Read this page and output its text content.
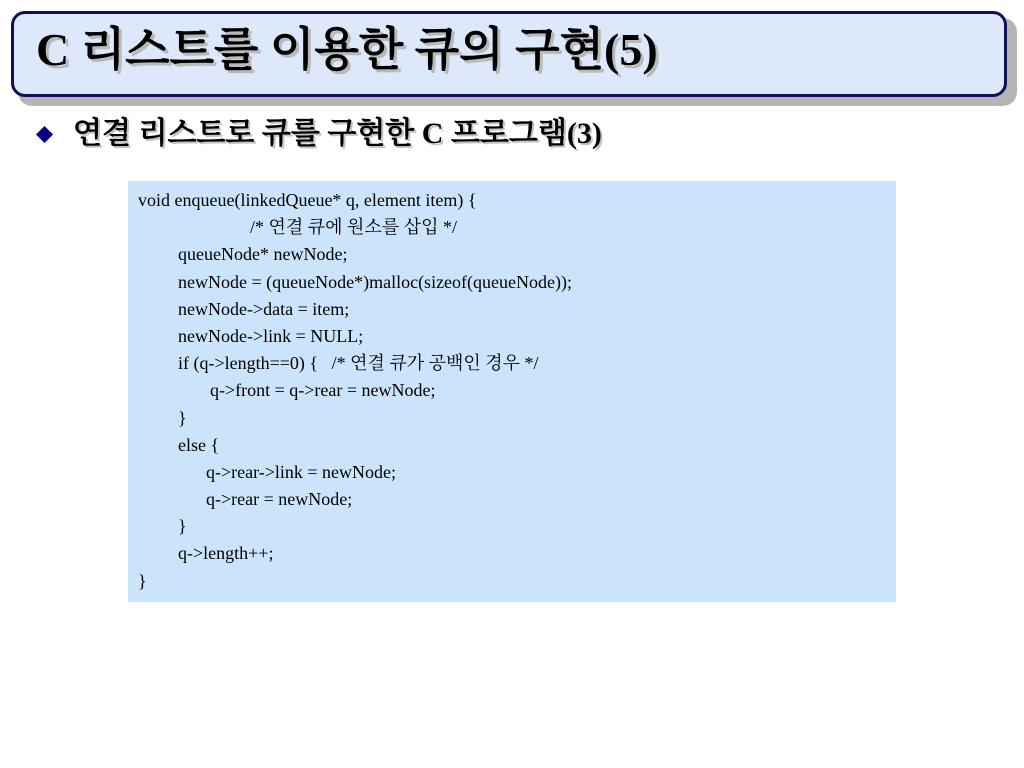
C 리스트를 이용한 큐의 구현(5)
연결 리스트로 큐를 구현한 C 프로그램(3)
void enqueue(linkedQueue* q, element item) {
/* 연결 큐에 원소를 삽입 */
queueNode* newNode;
newNode = (queueNode*)malloc(sizeof(queueNode));
newNode->data = item;
newNode->link = NULL;
if (q->length==0) {   /* 연결 큐가 공백인 경우 */
q->front = q->rear = newNode;
}
else {
q->rear->link = newNode;
q->rear = newNode;
}
q->length++;
}
